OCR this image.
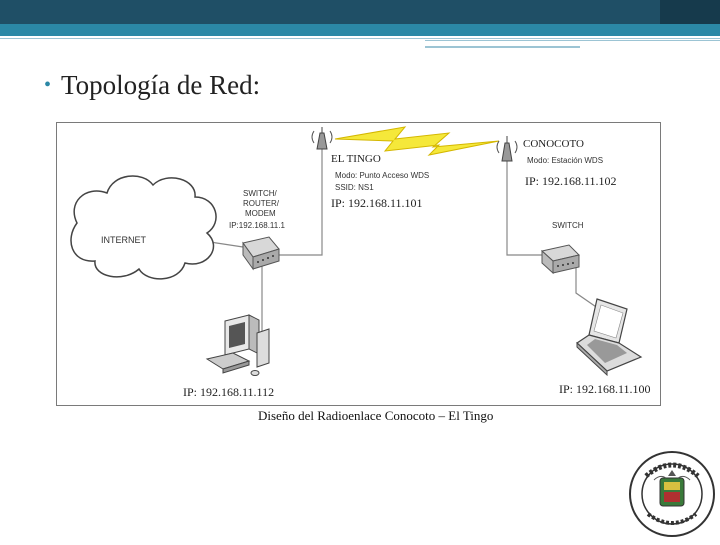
• Topología de Red:
INTERNET
SWITCH/
ROUTER/
MODEM
IP:192.168.11.1
EL TINGO
Modo: Punto Acceso WDS
SSID: NS1
IP: 192.168.11.101
CONOCOTO
Modo: Estación WDS
IP: 192.168.11.102
SWITCH
IP: 192.168.11.112	IP: 192.168.11.100
Diseño del Radioenlace Conocoto – El Tingo
